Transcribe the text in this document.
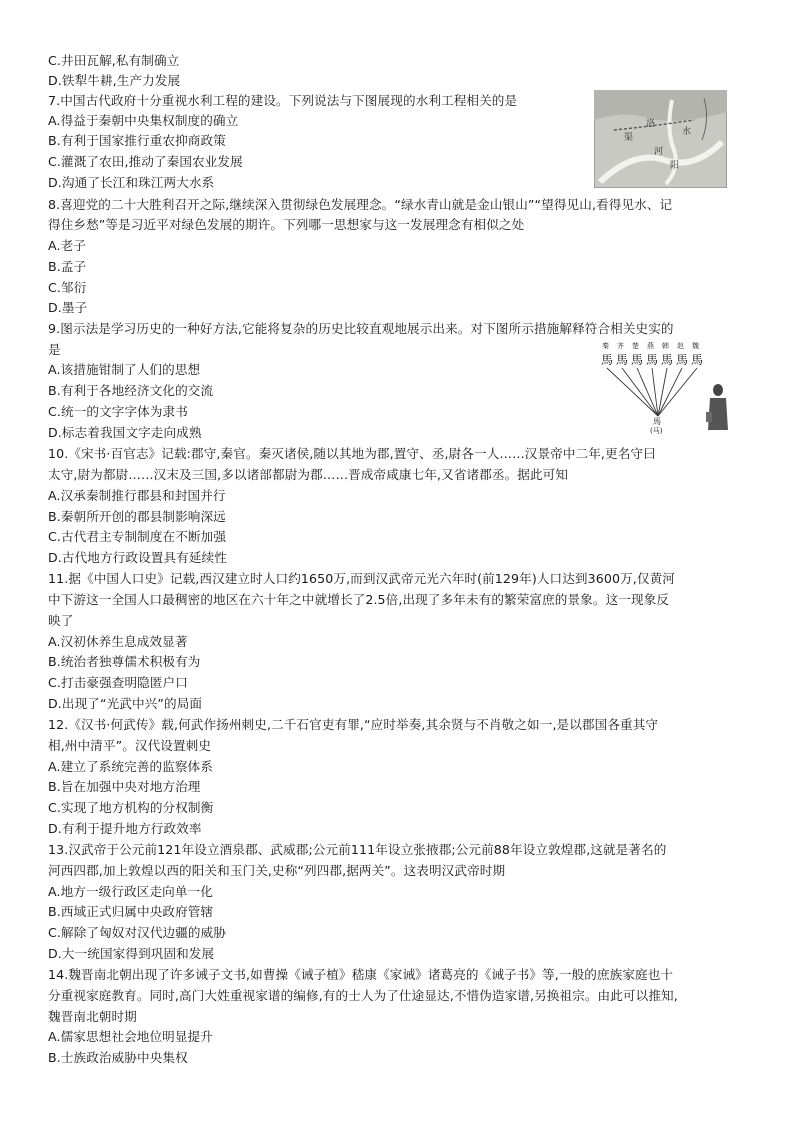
C.井田瓦解,私有制确立
D.铁犁牛耕,生产力发展
7.中国古代政府十分重视水利工程的建设。下列说法与下图展现的水利工程相关的是
A.得益于秦朝中央集权制度的确立
B.有利于国家推行重农抑商政策
C.灌溉了农田,推动了秦国农业发展
D.沟通了长江和珠江两大水系
8.喜迎党的二十大胜利召开之际,继续深入贯彻绿色发展理念。“绿水青山就是金山银山”“望得见山,看得见水、记
得住乡愁”等是习近平对绿色发展的期许。下列哪一思想家与这一发展理念有相似之处
A.老子
B.孟子
C.邹衍
D.墨子
9.图示法是学习历史的一种好方法,它能将复杂的历史比较直观地展示出来。对下图所示措施解释符合相关史实的
是
A.该措施钳制了人们的思想
B.有利于各地经济文化的交流
C.统一的文字字体为隶书
D.标志着我国文字走向成熟
10.《宋书·百官志》记载:郡守,秦官。秦灭诸侯,随以其地为郡,置守、丞,尉各一人……汉景帝中二年,更名守曰
太守,尉为都尉……汉末及三国,多以诸部都尉为郡……晋成帝咸康七年,又省诸郡丞。据此可知
A.汉承秦制推行郡县和封国并行
B.秦朝所开创的郡县制影响深远
C.古代君主专制制度在不断加强
D.古代地方行政设置具有延续性
11.据《中国人口史》记载,西汉建立时人口约1650万,而到汉武帝元光六年时(前129年)人口达到3600万,仅黄河
中下游这一全国人口最稠密的地区在六十年之中就增长了2.5倍,出现了多年未有的繁荣富庶的景象。这一现象反
映了
A.汉初休养生息成效显著
B.统治者独尊儒术积极有为
C.打击豪强查明隐匿户口
D.出现了“光武中兴”的局面
12.《汉书·何武传》载,何武作扬州刺史,二千石官吏有罪,“应时举奏,其余贤与不肖敬之如一,是以郡国各重其守
相,州中清平”。汉代设置刺史
A.建立了系统完善的监察体系
B.旨在加强中央对地方治理
C.实现了地方机构的分权制衡
D.有利于提升地方行政效率
13.汉武帝于公元前121年设立酒泉郡、武威郡;公元前111年设立张掖郡;公元前88年设立敦煌郡,这就是著名的
河西四郡,加上敦煌以西的阳关和玉门关,史称“列四郡,据两关”。这表明汉武帝时期
A.地方一级行政区走向单一化
B.西域正式归属中央政府管辖
C.解除了匈奴对汉代边疆的威胁
D.大一统国家得到巩固和发展
14.魏晋南北朝出现了许多诫子文书,如曹操《诫子植》嵇康《家诫》诸葛亮的《诫子书》等,一般的庶族家庭也十
分重视家庭教育。同时,高门大姓重视家谱的编修,有的士人为了仕途显达,不惜伪造家谱,另换祖宗。由此可以推知,
魏晋南北朝时期
A.儒家思想社会地位明显提升
B.士族政治威胁中央集权
洛
水
河
渠
阳
秦 齐 楚 燕 韩 赵 魏
馬 馬 馬 馬 馬 馬 馬
馬
(马)
